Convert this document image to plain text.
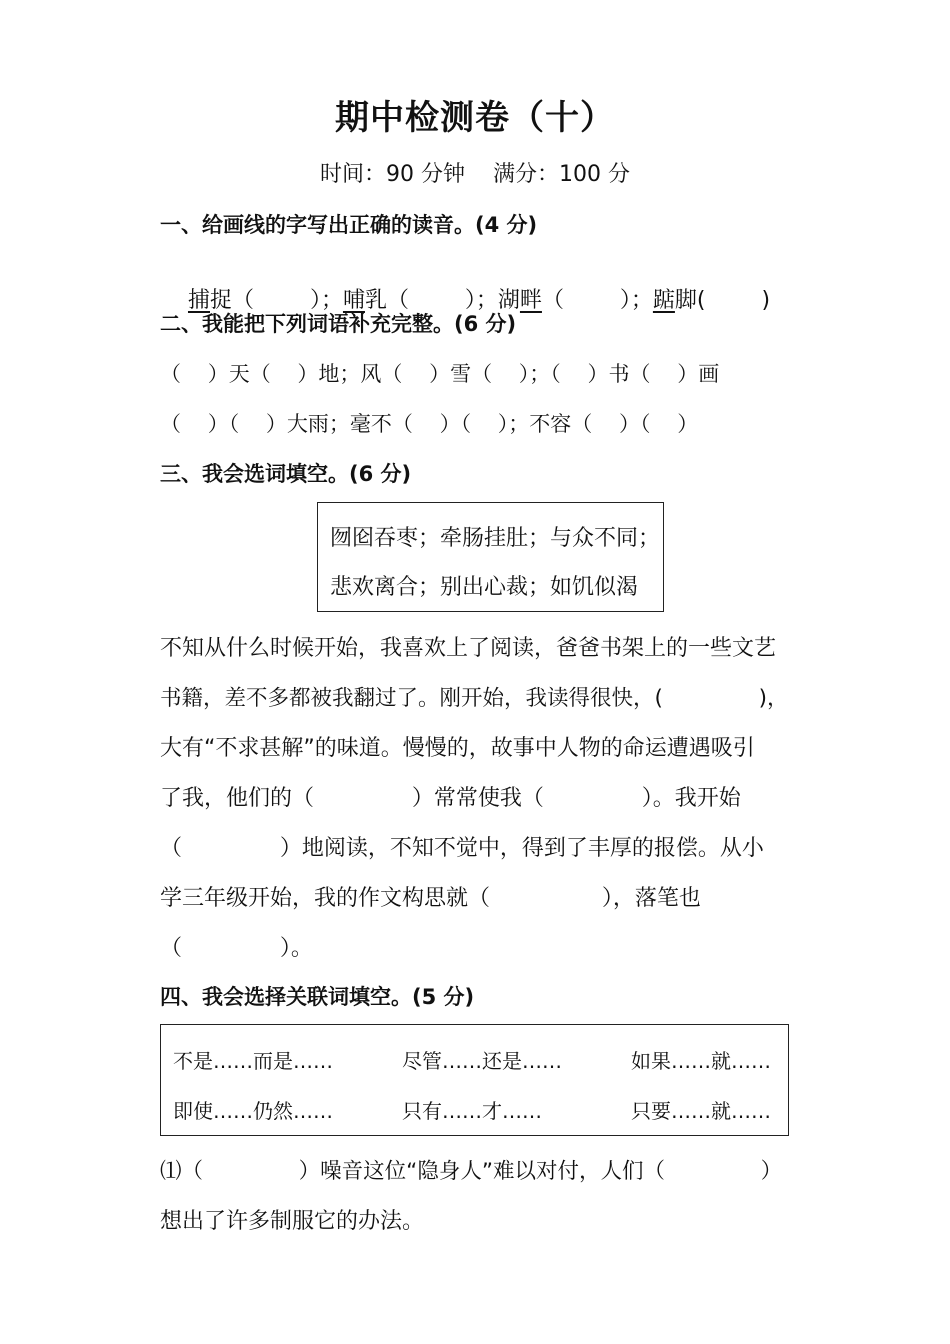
期中检测卷（十）
时间：90 分钟    满分：100 分
一、给画线的字写出正确的读音。(4 分)

捕捉（        ）；哺乳（        ）；湖畔（        ）；踮脚(        )

二、我能把下列词语补充完整。(6 分)
（    ）天（    ）地；风（    ）雪（    ）；（    ）书（    ）画
（    ）（    ）大雨；毫不（    ）（    ）；不容（    ）（    ）
三、我会选词填空。(6 分)
囫囵吞枣；牵肠挂肚；与众不同；
悲欢离合；别出心裁；如饥似渴
不知从什么时候开始，我喜欢上了阅读，爸爸书架上的一些文艺
书籍，差不多都被我翻过了。刚开始，我读得很快，(              )，
大有“不求甚解”的味道。慢慢的，故事中人物的命运遭遇吸引
了我，他们的（              ）常常使我（              ）。我开始
（              ）地阅读，不知不觉中，得到了丰厚的报偿。从小
学三年级开始，我的作文构思就（                ），落笔也
（              ）。
四、我会选择关联词填空。(5 分)
不是……而是……	尽管……还是……	如果……就……
即使……仍然……	只有……才……	只要……就……
⑴（              ）噪音这位“隐身人”难以对付，人们（              ）
想出了许多制服它的办法。
